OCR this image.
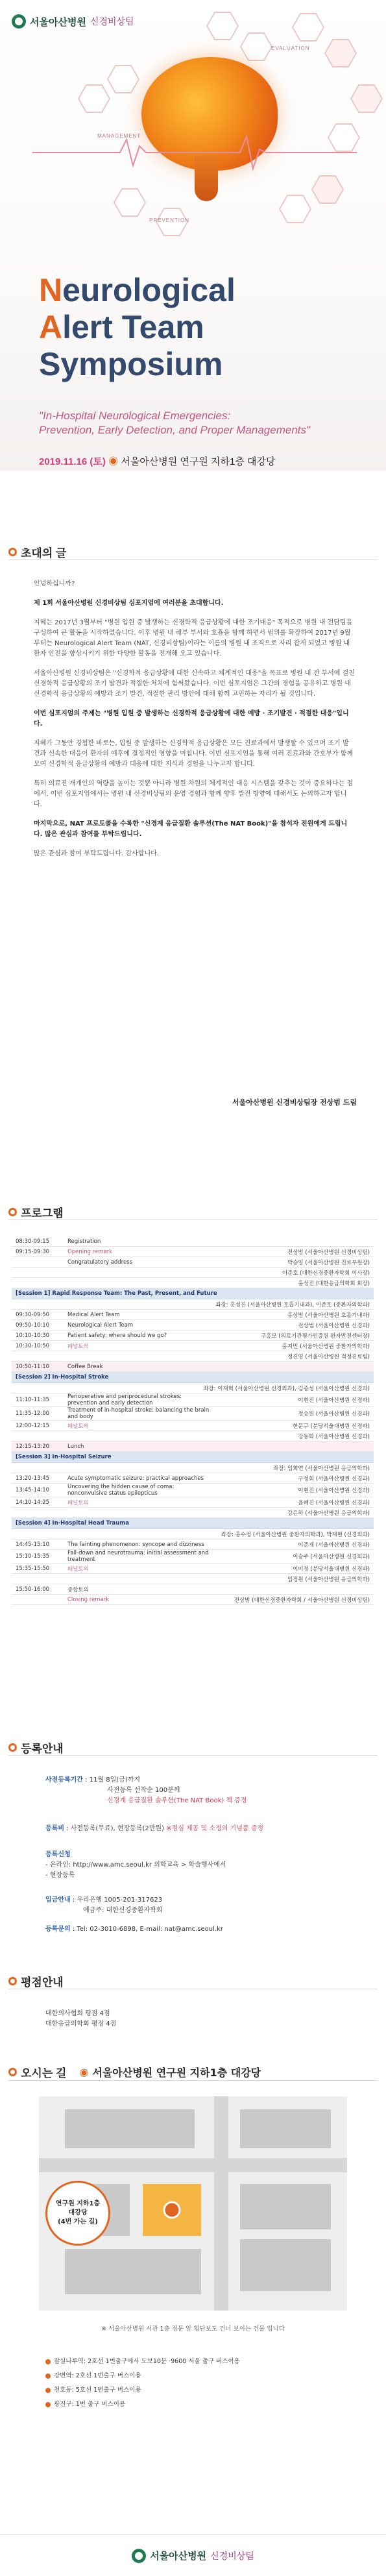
서울아산병원 신경비상팀
EVALUATION
MANAGEMENT
PREVENTION
Neurological
Alert Team
Symposium
"In-Hospital Neurological Emergencies:
Prevention, Early Detection, and Proper Managements"
2019.11.16 (토) ◉ 서울아산병원 연구원 지하1층 대강당
초대의 글

안녕하십니까?

제 1회 서울아산병원 신경비상팀 심포지엄에 여러분을 초대합니다.

지혜는 2017년 3월부터 "병원 입원 중 발생하는 신경학적 응급상황에 대한 조기대응" 목적으로 병원 내 전담팀을 구성하여 큰 활동을 시작하였습니다. 이후 병원 내 해부 부서와 호흡을 함께 하면서 범위를 확장하여 2017년 9월부터는 Neurological Alert Team (NAT, 신경비상팀)이라는 이름의 병원 내 조직으로 자리 잡게 되었고 병원 내 환자 안전을 향상시키기 위한 다양한 활동을 전개해 오고 있습니다.

서울아산병원 신경비상팀은 "신경학적 응급상황에 대한 신속하고 체계적인 대응"을 목표로 병원 내 전 부서에 걸친 신경학적 응급상황의 조기 발견과 적절한 처치에 힘써왔습니다. 이번 심포지엄은 그간의 경험을 공유하고 병원 내 신경학적 응급상황의 예방과 조기 발견, 적절한 관리 방안에 대해 함께 고민하는 자리가 될 것입니다.

이번 심포지엄의 주제는 "병원 입원 중 발생하는 신경학적 응급상황에 대한 예방 · 조기발견 · 적절한 대응"입니다.

지혜가 그동안 경험한 바로는, 입원 중 발생하는 신경학적 응급상황은 모든 진료과에서 발생할 수 있으며 조기 발견과 신속한 대응이 환자의 예후에 결정적인 영향을 미칩니다. 이번 심포지엄을 통해 여러 진료과와 간호부가 함께 모여 신경학적 응급상황의 예방과 대응에 대한 지식과 경험을 나누고자 합니다.

특히 의료진 개개인의 역량을 높이는 것뿐 아니라 병원 차원의 체계적인 대응 시스템을 갖추는 것이 중요하다는 점에서, 이번 심포지엄에서는 병원 내 신경비상팀의 운영 경험과 함께 향후 발전 방향에 대해서도 논의하고자 합니다.

마지막으로, NAT 프로토콜을 수록한 "신경계 응급질환 솔루션(The NAT Book)"을 참석자 전원에게 드립니다. 많은 관심과 참여를 부탁드립니다.

많은 관심과 참여 부탁드립니다. 감사합니다.

서울아산병원 신경비상팀장 전상범 드림
프로그램
08:30-09:15	Registration
09:15-09:30	Opening remark	전상범 (서울아산병원 신경비상팀)
Congratulatory address	박승일 (서울아산병원 진료부원장)
이준호 (대한신경중환자학회 이사장)
홍성진 (대한응급의학회 회장)
[Session 1] Rapid Response Team: The Past, Present, and Future
좌장: 홍성진 (서울아산병원 호흡기내과), 이준호 (중환자의학과)
09:30-09:50	Medical Alert Team	홍상범 (서울아산병원 호흡기내과)
09:50-10:10	Neurological Alert Team	전상범 (서울아산병원 신경과)
10:10-10:30	Patient safety: where should we go?	구홍모 (의료기관평가인증원 환자안전센터장)
10:30-10:50	패널토의	홍지민 (서울아산병원 중환자의학과)
정진영 (서울아산병원 적정진료팀)
10:50-11:10	Coffee Break
[Session 2] In-Hospital Stroke
좌장: 이재혁 (서울아산병원 신경외과), 김종성 (서울아산병원 신경과)
11:10-11:35	Perioperative and periprocedural strokes: prevention and early detection	이현진 (서울아산병원 신경과)
11:35-12:00	Treatment of in-hospital stroke: balancing the brain and body	정승원 (서울아산병원 신경과)
12:00-12:15	패널토의	한문구 (분당서울대병원 신경과)
강동화 (서울아산병원 신경과)
12:15-13:20	Lunch
[Session 3] In-Hospital Seizure
좌장: 임희연 (서울아산병원 응급의학과)
13:20-13:45	Acute symptomatic seizure: practical approaches	구정회 (서울아산병원 신경과)
13:45-14:10	Uncovering the hidden cause of coma: nonconvulsive status epilepticus	이현진 (서울아산병원 신경과)
14:10-14:25	패널토의	윤혜진 (서울아산병원 신경과)
강은하 (서울아산병원 응급의학과)
[Session 4] In-Hospital Head Trauma
좌장: 홍수정 (서울아산병원 중환자의학과), 박재현 (신경외과)
14:45-15:10	The fainting phenomenon: syncope and dizziness	이준재 (서울아산병원 신경과)
15:10-15:35	Fall-down and neurotrauma: initial assessment and treatment	이승주 (서울아산병원 신경외과)
15:35-15:50	패널토의	이미정 (분당서울대병원 신경과)
임정원 (서울아산병원 응급의학과)
15:50-16:00	종합토의
Closing remark	전상범 (대한신경중환자학회 / 서울아산병원 신경비상팀)
등록안내
사전등록기간 : 11월 8일(금)까지
사전등록 선착순 100분께
신경계 응급질환 솔루션(The NAT Book) 책 증정
등록비 : 사전등록(무료), 현장등록(2만원) ※점심 제공 및 소정의 기념품 증정
등록신청
- 온라인: http://www.amc.seoul.kr 의학교육 > 학술행사에서
- 현장등록
입금안내 : 우리은행 1005-201-317623
예금주: 대한신경중환자학회
등록문의 : Tel: 02-3010-6898, E-mail: nat@amc.seoul.kr
평점안내
대한의사협회 평점 4점
대한응급의학회 평점 4점
오시는 길 ◉ 서울아산병원 연구원 지하1층 대강당
연구원 지하1층
대강당
(4번 가는 길)
※ 서울아산병원 서관 1층 정문 앞 횡단보도 건너 보이는 건물 입니다
잠실나루역: 2호선 1번출구에서 도보10분 ·9600 서울 출구 버스이용
강변역: 2호선 1번출구 버스이용
천호동: 5호선 1번출구 버스이용
광진구: 1번 출구 버스이용
서울아산병원 신경비상팀
